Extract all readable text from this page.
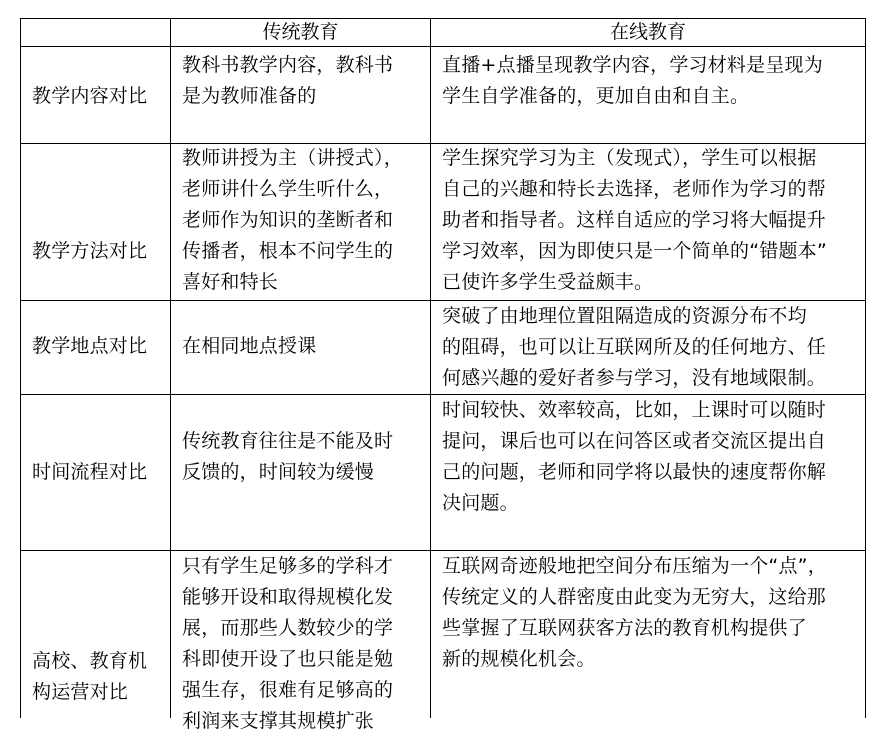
传统教育	在线教育
教学内容对比
教科书教学内容，教科书
是为教师准备的
直播+点播呈现教学内容，学习材料是呈现为
学生自学准备的，更加自由和自主。
教学方法对比
教师讲授为主（讲授式），
老师讲什么学生听什么，
老师作为知识的垄断者和
传播者，根本不问学生的
喜好和特长
学生探究学习为主（发现式），学生可以根据
自己的兴趣和特长去选择，老师作为学习的帮
助者和指导者。这样自适应的学习将大幅提升
学习效率，因为即使只是一个简单的“错题本”
已使许多学生受益颇丰。
教学地点对比 在相同地点授课
突破了由地理位置阻隔造成的资源分布不均
的阻碍，也可以让互联网所及的任何地方、任
何感兴趣的爱好者参与学习，没有地域限制。
时间流程对比
传统教育往往是不能及时
反馈的，时间较为缓慢
时间较快、效率较高，比如，上课时可以随时
提问，课后也可以在问答区或者交流区提出自
己的问题，老师和同学将以最快的速度帮你解
决问题。
高校、教育机
构运营对比
只有学生足够多的学科才
能够开设和取得规模化发
展，而那些人数较少的学
科即使开设了也只能是勉
强生存，很难有足够高的
利润来支撑其规模扩张
互联网奇迹般地把空间分布压缩为一个“点”，
传统定义的人群密度由此变为无穷大，这给那
些掌握了互联网获客方法的教育机构提供了
新的规模化机会。
